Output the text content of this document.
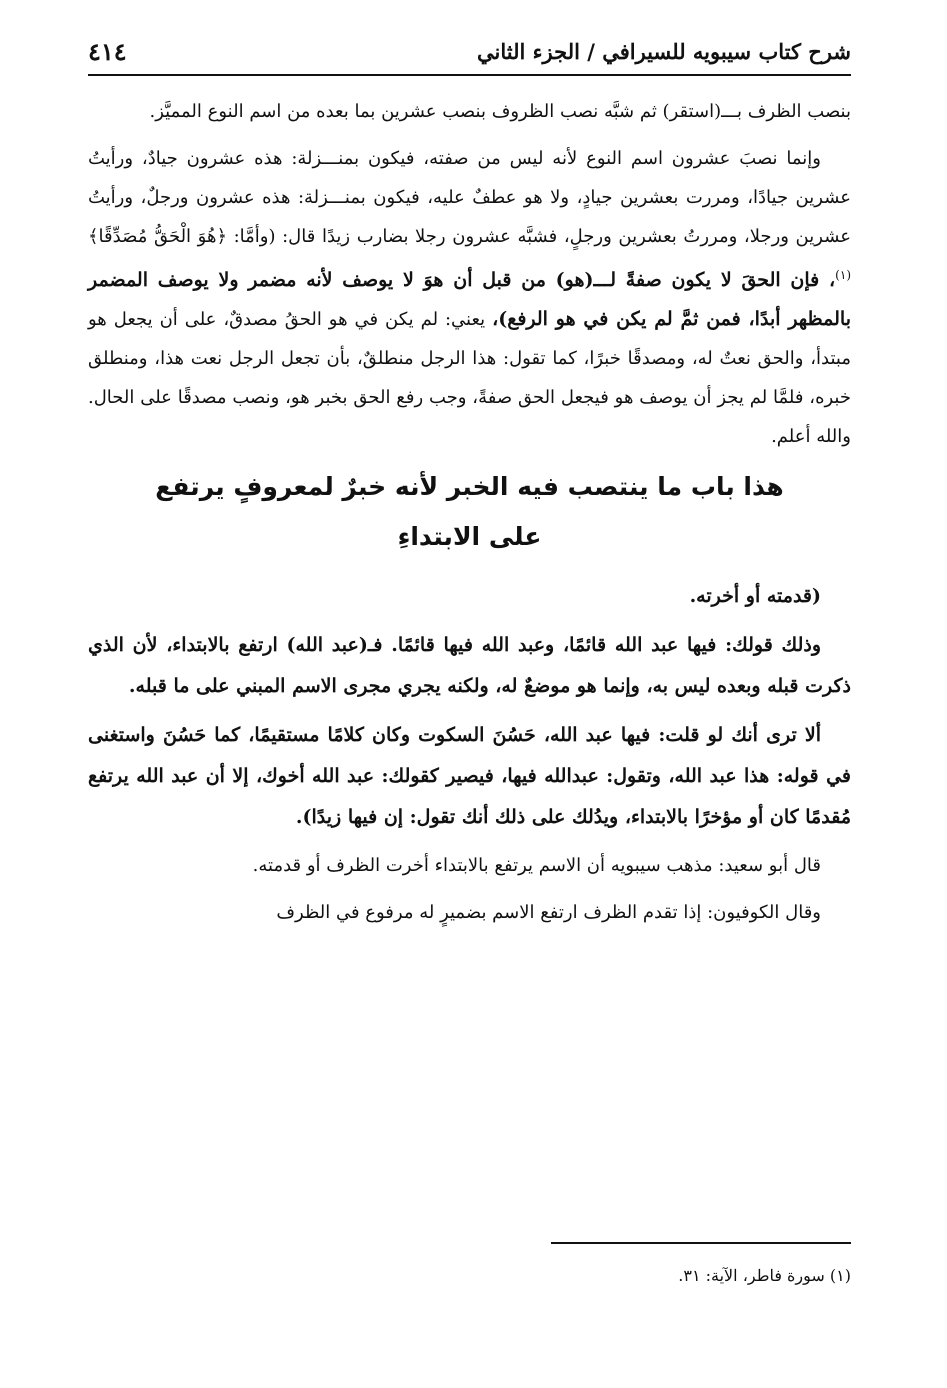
شرح كتاب سيبويه للسيرافي / الجزء الثاني
٤١٤

بنصب الظرف بـــ(استقر) ثم شبَّه نصب الظروف بنصب عشرين بما بعده من اسم النوع المميَّز.

وإنما نصبَ عشرون اسم النوع لأنه ليس من صفته، فيكون بمنـــزلة: هذه عشرون جيادٌ، ورأيتُ عشرين جيادًا، ومررت بعشرين جيادٍ، ولا هو عطفٌ عليه، فيكون بمنـــزلة: هذه عشرون ورجلٌ، ورأيتُ عشرين ورجلا، ومررتُ بعشرين ورجلٍ، فشبَّه عشرون رجلا بضارب زيدًا قال: (وأمَّا: ﴿هُوَ الْحَقُّ مُصَدِّقًا﴾$^{(١)}$، فإن الحقَ لا يكون صفةً لـــ(هو) من قبل أن هوَ لا يوصف لأنه مضمر ولا يوصف المضمر بالمظهر أبدًا، فمن ثمَّ لم يكن في هو الرفع)، يعني: لم يكن في هو الحقُ مصدقٌ، على أن يجعل هو مبتدأ، والحق نعتٌ له، ومصدقًا خبرًا، كما تقول: هذا الرجل منطلقٌ، بأن تجعل الرجل نعت هذا، ومنطلق خبره، فلمَّا لم يجز أن يوصف هو فيجعل الحق صفةً، وجب رفع الحق بخبر هو، ونصب مصدقًا على الحال. والله أعلم.

هذا باب ما ينتصب فيه الخبر لأنه خبرٌ لمعروفٍ يرتفع
على الابتداءِ

(قدمته أو أخرته.

وذلك قولك: فيها عبد الله قائمًا، وعبد الله فيها قائمًا. فـ(عبد الله) ارتفع بالابتداء، لأن الذي ذكرت قبله وبعده ليس به، وإنما هو موضعٌ له، ولكنه يجري مجرى الاسم المبني على ما قبله.

ألا ترى أنك لو قلت: فيها عبد الله، حَسُنَ السكوت وكان كلامًا مستقيمًا، كما حَسُنَ واستغنى في قوله: هذا عبد الله، وتقول: عبدالله فيها، فيصير كقولك: عبد الله أخوك، إلا أن عبد الله يرتفع مُقدمًا كان أو مؤخرًا بالابتداء، ويدُلك على ذلك أنك تقول: إن فيها زيدًا).

قال أبو سعيد: مذهب سيبويه أن الاسم يرتفع بالابتداء أخرت الظرف أو قدمته.

وقال الكوفيون: إذا تقدم الظرف ارتفع الاسم بضميرٍ له مرفوع في الظرف

(١) سورة فاطر، الآية: ٣١.
